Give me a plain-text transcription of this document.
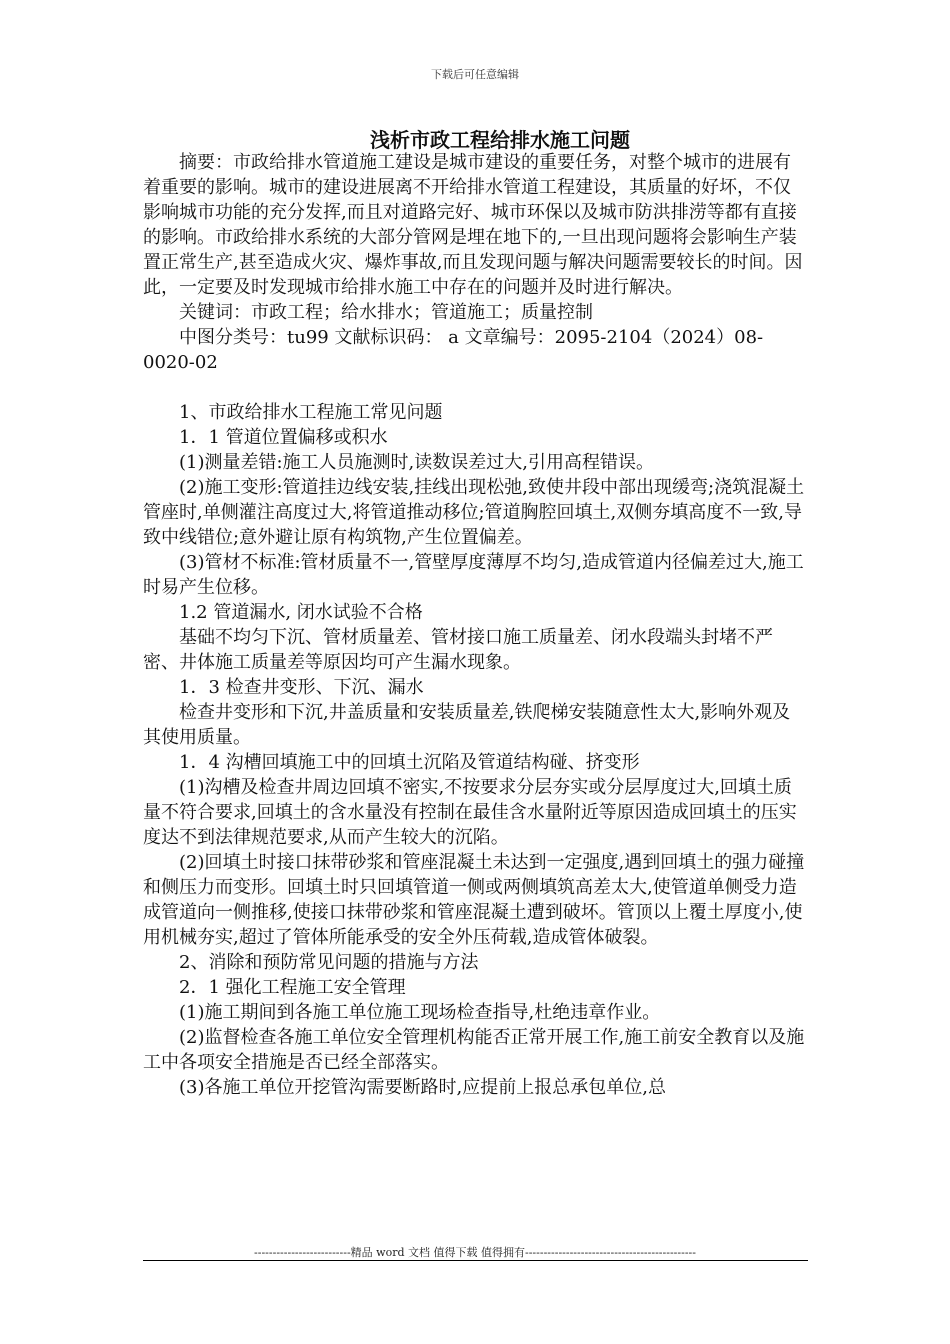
下载后可任意编辑
浅析市政工程给排水施工问题

摘要：市政给排水管道施工建设是城市建设的重要任务，对整个城市的进展有着重要的影响。城市的建设进展离不开给排水管道工程建设，其质量的好坏，不仅影响城市功能的充分发挥,而且对道路完好、城市环保以及城市防洪排涝等都有直接的影响。市政给排水系统的大部分管网是埋在地下的,一旦出现问题将会影响生产装置正常生产,甚至造成火灾、爆炸事故,而且发现问题与解决问题需要较长的时间。因此，一定要及时发现城市给排水施工中存在的问题并及时进行解决。

关键词：市政工程；给水排水；管道施工；质量控制

中图分类号：tu99 文献标识码： a 文章编号：2095-2104（2024）08-0020-02

1、市政给排水工程施工常见问题

1．1 管道位置偏移或积水

(1)测量差错:施工人员施测时,读数误差过大,引用高程错误。

(2)施工变形:管道挂边线安装,挂线出现松弛,致使井段中部出现缓弯;浇筑混凝土管座时,单侧灌注高度过大,将管道推动移位;管道胸腔回填土,双侧夯填高度不一致,导致中线错位;意外避让原有构筑物,产生位置偏差。

(3)管材不标准:管材质量不一,管壁厚度薄厚不均匀,造成管道内径偏差过大,施工时易产生位移。

1.2 管道漏水, 闭水试验不合格

基础不均匀下沉、管材质量差、管材接口施工质量差、闭水段端头封堵不严密、井体施工质量差等原因均可产生漏水现象。

1．3 检查井变形、下沉、漏水

检查井变形和下沉,井盖质量和安装质量差,铁爬梯安装随意性太大,影响外观及其使用质量。

1．4 沟槽回填施工中的回填土沉陷及管道结构碰、挤变形

(1)沟槽及检查井周边回填不密实,不按要求分层夯实或分层厚度过大,回填土质量不符合要求,回填土的含水量没有控制在最佳含水量附近等原因造成回填土的压实度达不到法律规范要求,从而产生较大的沉陷。

(2)回填土时接口抹带砂浆和管座混凝土未达到一定强度,遇到回填土的强力碰撞和侧压力而变形。回填土时只回填管道一侧或两侧填筑高差太大,使管道单侧受力造成管道向一侧推移,使接口抹带砂浆和管座混凝土遭到破坏。管顶以上覆土厚度小,使用机械夯实,超过了管体所能承受的安全外压荷载,造成管体破裂。

2、消除和预防常见问题的措施与方法

2．1 强化工程施工安全管理

(1)施工期间到各施工单位施工现场检查指导,杜绝违章作业。

(2)监督检查各施工单位安全管理机构能否正常开展工作,施工前安全教育以及施工中各项安全措施是否已经全部落实。

(3)各施工单位开挖管沟需要断路时,应提前上报总承包单位,总

--------------------------精品 word 文档 值得下载 值得拥有----------------------------------------------
